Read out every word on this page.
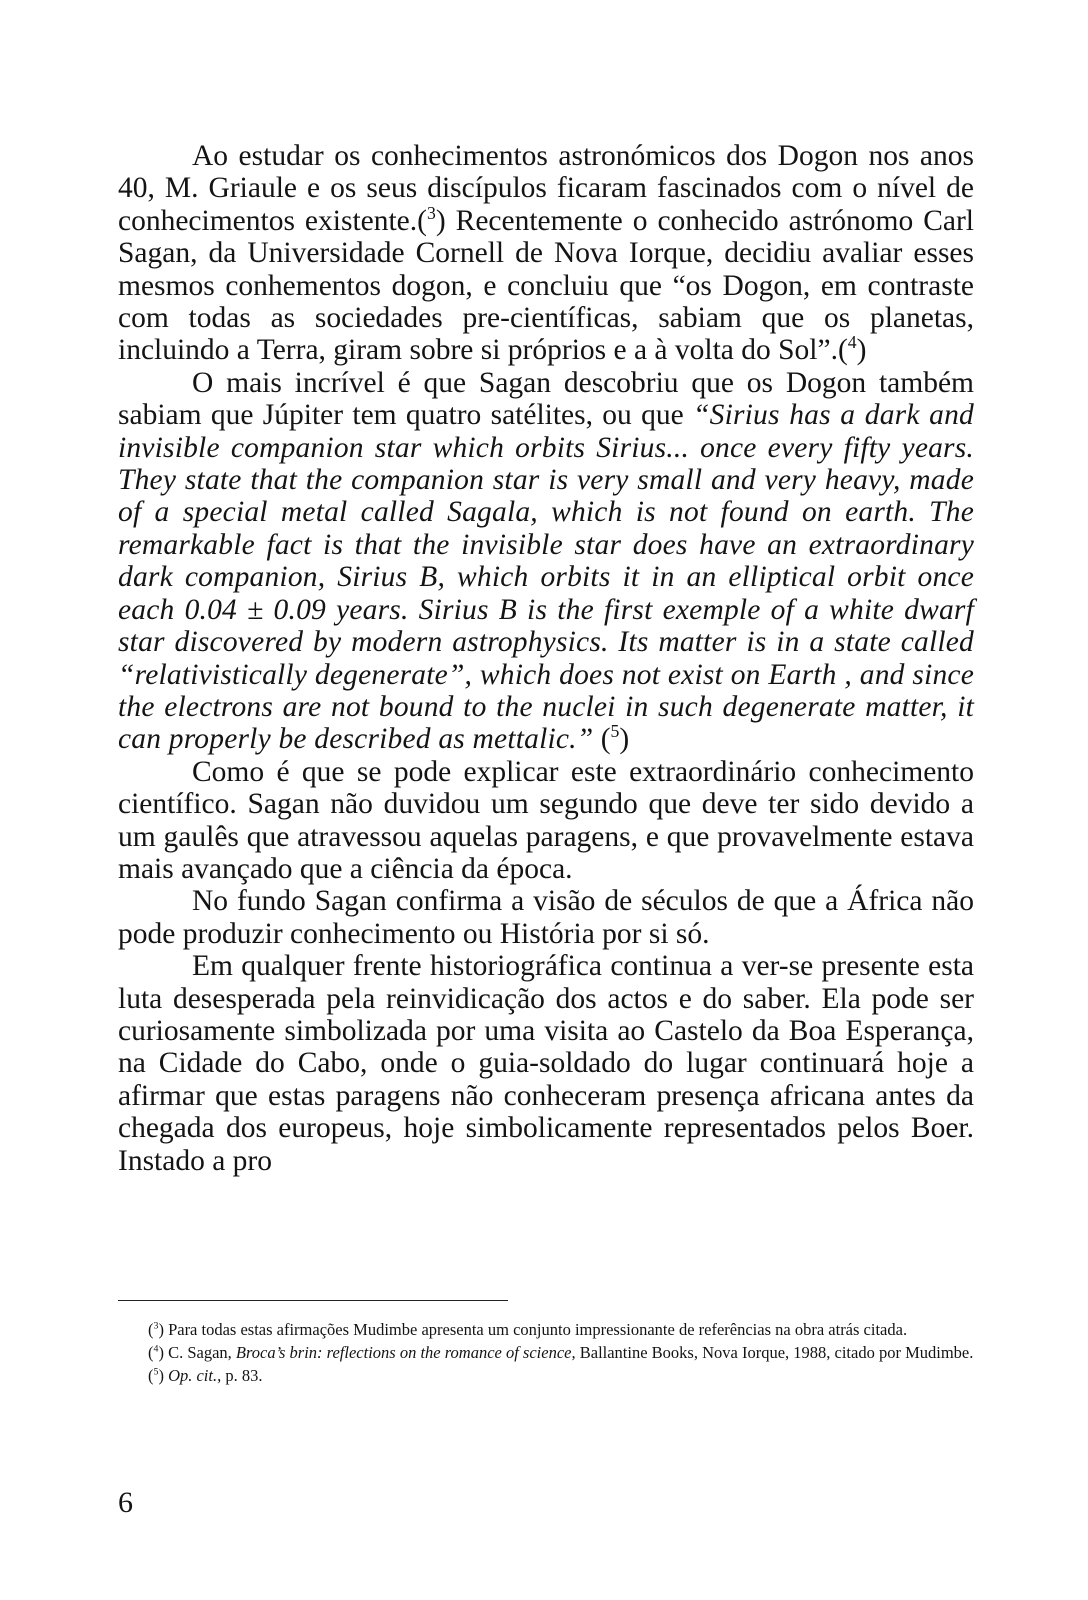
Ao estudar os conhecimentos astronómicos dos Dogon nos anos 40, M. Griaule e os seus discípulos ficaram fascinados com o nível de conhecimentos existente.($^3$) Recentemente o conhecido astrónomo Carl Sagan, da Universidade Cornell de Nova Iorque, decidiu avaliar esses mesmos conhementos dogon, e concluiu que “os Dogon, em contraste com todas as sociedades pre-científicas, sabiam que os planetas, incluindo a Terra, giram sobre si próprios e a à volta do Sol”.($^4$)

O mais incrível é que Sagan descobriu que os Dogon também sabiam que Júpiter tem quatro satélites, ou que “Sirius has a dark and invisible companion star which orbits Sirius... once every fifty years. They state that the companion star is very small and very heavy, made of a special metal called Sagala, which is not found on earth. The remarkable fact is that the invisible star does have an extraordinary dark companion, Sirius B, which orbits it in an elliptical orbit once each 0.04 ± 0.09 years. Sirius B is the first exemple of a white dwarf star discovered by modern astrophysics. Its matter is in a state called “relativistically degenerate”, which does not exist on Earth , and since the electrons are not bound to the nuclei in such degenerate matter, it can properly be described as mettalic.” ($^5$)

Como é que se pode explicar este extraordinário conhecimento científico. Sagan não duvidou um segundo que deve ter sido devido a um gaulês que atravessou aquelas paragens, e que provavelmente estava mais avançado que a ciência da época.

No fundo Sagan confirma a visão de séculos de que a África não pode produzir conhecimento ou História por si só.

Em qualquer frente historiográfica continua a ver-se presente esta luta desesperada pela reinvidicação dos actos e do saber. Ela pode ser curiosamente simbolizada por uma visita ao Castelo da Boa Esperança, na Cidade do Cabo, onde o guia-soldado do lugar continuará hoje a afirmar que estas paragens não conheceram presença africana antes da chegada dos europeus, hoje simbolicamente representados pelos Boer. Instado a pro

($^3$) Para todas estas afirmações Mudimbe apresenta um conjunto impressionante de referências na obra atrás citada.

($^4$) C. Sagan, Broca’s brin: reflections on the romance of science, Ballantine Books, Nova Iorque, 1988, citado por Mudimbe.

($^5$) Op. cit., p. 83.

6
